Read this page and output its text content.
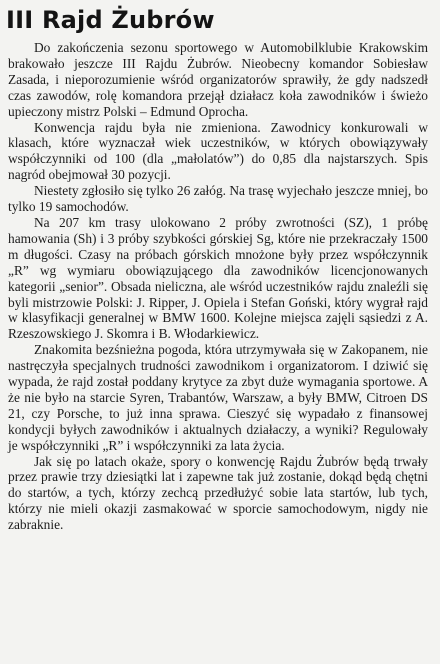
III Rajd Żubrów

Do zakończenia sezonu sportowego w Automobilklubie Krakowskim brakowało jeszcze III Rajdu Żubrów. Nieobecny komandor Sobiesław Zasada, i nieporozumienie wśród organizatorów sprawiły, że gdy nadszedł czas zawodów, rolę komandora przejął działacz koła zawodników i świeżo upieczony mistrz Polski – Edmund Oprocha.

Konwencja rajdu była nie zmieniona. Zawodnicy konkurowali w klasach, które wyznaczał wiek uczestników, w których obowiązywały współczynniki od 100 (dla „małolatów”) do 0,85 dla najstarszych. Spis nagród obejmował 30 pozycji.

Niestety zgłosiło się tylko 26 załóg. Na trasę wyjechało jeszcze mniej, bo tylko 19 samochodów.

Na 207 km trasy ulokowano 2 próby zwrotności (SZ), 1 próbę hamowania (Sh) i 3 próby szybkości górskiej Sg, które nie przekraczały 1500 m długości. Czasy na próbach górskich mnożone były przez współczynnik „R” wg wymiaru obowiązującego dla zawodników licencjonowanych kategorii „senior”. Obsada nieliczna, ale wśród uczestników rajdu znaleźli się byli mistrzowie Polski: J. Ripper, J. Opiela i Stefan Goński, który wygrał rajd w klasyfikacji generalnej w BMW 1600. Kolejne miejsca zajęli sąsiedzi z A. Rzeszowskiego J. Skomra i B. Włodarkiewicz.

Znakomita bezśnieżna pogoda, która utrzymywała się w Zakopanem, nie nastręczyła specjalnych trudności zawodnikom i organizatorom. I dziwić się wypada, że rajd został poddany krytyce za zbyt duże wymagania sportowe. A że nie było na starcie Syren, Trabantów, Warszaw, a były BMW, Citroen DS 21, czy Porsche, to już inna sprawa. Cieszyć się wypadało z finansowej kondycji byłych zawodników i aktualnych działaczy, a wyniki? Regulowały je współczynniki „R” i współczynniki za lata życia.

Jak się po latach okaże, spory o konwencję Rajdu Żubrów będą trwały przez prawie trzy dziesiątki lat i zapewne tak już zostanie, dokąd będą chętni do startów, a tych, którzy zechcą przedłużyć sobie lata startów, lub tych, którzy nie mieli okazji zasmakować w sporcie samochodowym, nigdy nie zabraknie.
